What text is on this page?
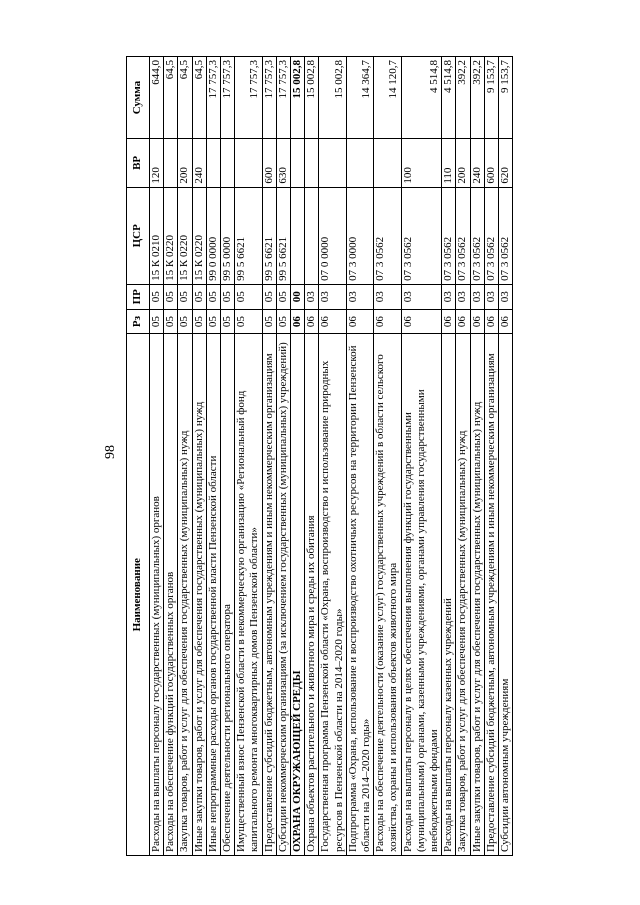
98
Наименование	Рз	ПР	ЦСР	ВР	Сумма
Расходы на выплаты персоналу государственных (муниципальных) органов	05	05	15 К 0210	120	644,0
Расходы на обеспечение функций государственных органов	05	05	15 К 0220		64,5
Закупка товаров, работ и услуг для обеспечения государственных (муниципальных) нужд	05	05	15 К 0220	200	64,5
Иные закупки товаров, работ и услуг для обеспечения государственных (муниципальных) нужд	05	05	15 К 0220	240	64,5
Иные непрограммные расходы органов государственной власти Пензенской области	05	05	99 0 0000		17 757,3
Обеспечение деятельности регионального оператора	05	05	99 5 0000		17 757,3
Имущественный взнос Пензенской области в некоммерческую организацию «Региональный фонд капитального ремонта многоквартирных домов Пензенской области»	05	05	99 5 6621		17 757,3
Предоставление субсидий бюджетным, автономным учреждениям и иным некоммерческим организациям	05	05	99 5 6621	600	17 757,3
Субсидии некоммерческим организациям (за исключением государственных (муниципальных) учреждений)	05	05	99 5 6621	630	17 757,3
ОХРАНА ОКРУЖАЮЩЕЙ СРЕДЫ	06	00			15 002,8
Охрана объектов растительного и животного мира и среды их обитания	06	03			15 002,8
Государственная программа Пензенской области «Охрана, воспроизводство и использование природных ресурсов в Пензенской области на 2014–2020 годы»	06	03	07 0 0000		15 002,8
Подпрограмма «Охрана, использование и воспроизводство охотничьих ресурсов на территории Пензенской области на 2014–2020 годы»	06	03	07 3 0000		14 364,7
Расходы на обеспечение деятельности (оказание услуг) государственных учреждений в области сельского хозяйства, охраны и использования объектов животного мира	06	03	07 3 0562		14 120,7
Расходы на выплаты персоналу в целях обеспечения выполнения функций государственными (муниципальными) органами, казенными учреждениями, органами управления государственными внебюджетными фондами	06	03	07 3 0562	100	4 514,8
Расходы на выплаты персоналу казенных учреждений	06	03	07 3 0562	110	4 514,8
Закупка товаров, работ и услуг для обеспечения государственных (муниципальных) нужд	06	03	07 3 0562	200	392,2
Иные закупки товаров, работ и услуг для обеспечения государственных (муниципальных) нужд	06	03	07 3 0562	240	392,2
Предоставление субсидий бюджетным, автономным учреждениям и иным некоммерческим организациям	06	03	07 3 0562	600	9 153,7
Субсидии автономным учреждениям	06	03	07 3 0562	620	9 153,7
